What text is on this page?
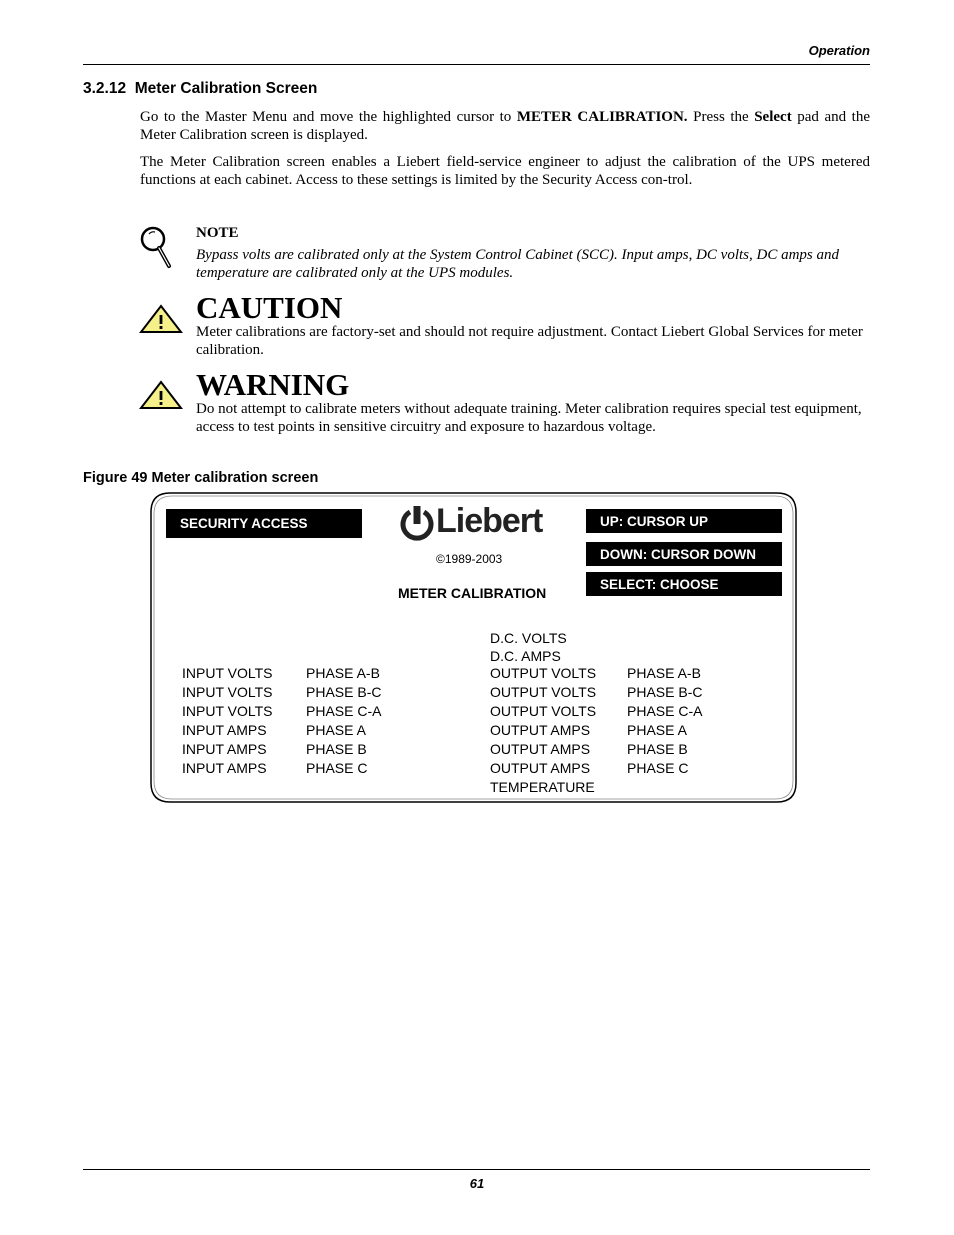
Operation
3.2.12 Meter Calibration Screen
Go to the Master Menu and move the highlighted cursor to METER CALIBRATION. Press the Select pad and the Meter Calibration screen is displayed.
The Meter Calibration screen enables a Liebert field-service engineer to adjust the calibration of the UPS metered functions at each cabinet. Access to these settings is limited by the Security Access con-trol.
NOTE
Bypass volts are calibrated only at the System Control Cabinet (SCC). Input amps, DC volts, DC amps and temperature are calibrated only at the UPS modules.
CAUTION
Meter calibrations are factory-set and should not require adjustment. Contact Liebert Global Services for meter calibration.
WARNING
Do not attempt to calibrate meters without adequate training. Meter calibration requires special test equipment, access to test points in sensitive circuitry and exposure to hazardous voltage.
Figure 49 Meter calibration screen
SECURITY ACCESS	Liebert
©1989-2003
METER CALIBRATION
UP: CURSOR UP
DOWN: CURSOR DOWN
SELECT: CHOOSE
D.C. VOLTS
D.C. AMPS
INPUT VOLTS
INPUT VOLTS
INPUT VOLTS
INPUT AMPS
INPUT AMPS
INPUT AMPS
PHASE A-B
PHASE B-C
PHASE C-A
PHASE A
PHASE B
PHASE C
OUTPUT VOLTS
OUTPUT VOLTS
OUTPUT VOLTS
OUTPUT AMPS
OUTPUT AMPS
OUTPUT AMPS
TEMPERATURE
PHASE A-B
PHASE B-C
PHASE C-A
PHASE A
PHASE B
PHASE C
61
